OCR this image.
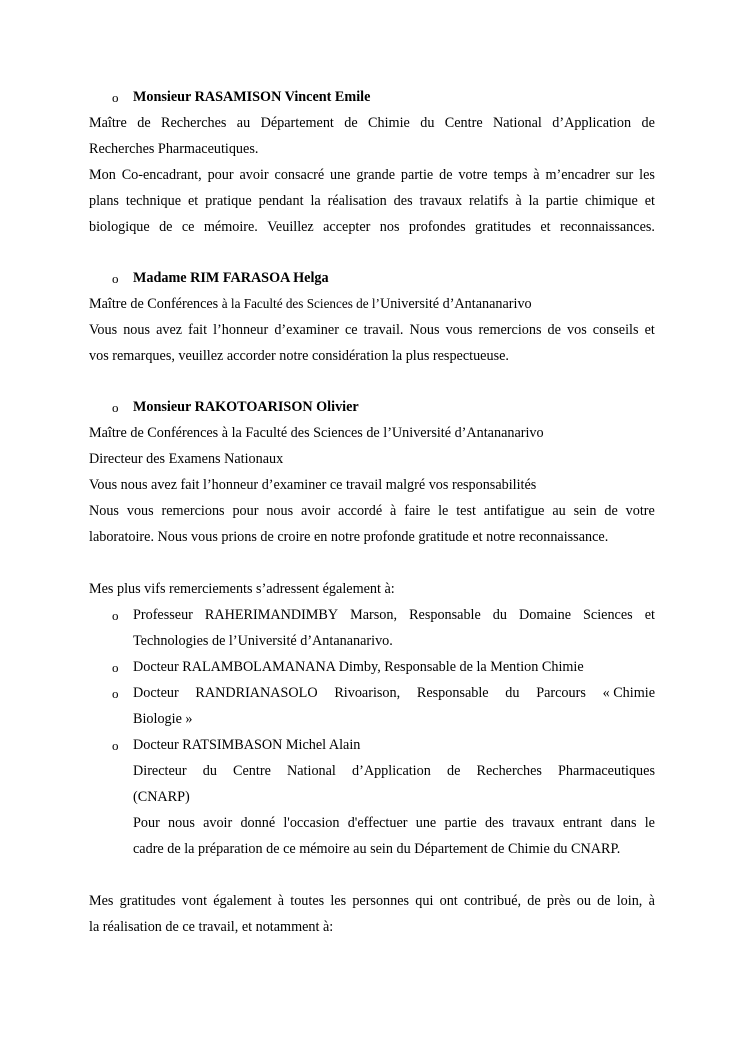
o Monsieur RASAMISON Vincent Emile
Maître de Recherches au Département de Chimie du Centre National d’Application de
Recherches Pharmaceutiques.
Mon Co-encadrant, pour avoir consacré une grande partie de votre temps à m’encadrer sur les
plans technique et pratique pendant la réalisation des travaux relatifs à la partie chimique et
biologique de ce mémoire. Veuillez accepter nos profondes gratitudes et reconnaissances.
o Madame RIM FARASOA Helga
Maître de Conférences à la Faculté des Sciences de l’Université d’Antananarivo
Vous nous avez fait l’honneur d’examiner ce travail. Nous vous remercions de vos conseils et
vos remarques, veuillez accorder notre considération la plus respectueuse.
o Monsieur RAKOTOARISON Olivier
Maître de Conférences à la Faculté des Sciences de l’Université d’Antananarivo
Directeur des Examens Nationaux
Vous nous avez fait l’honneur d’examiner ce travail malgré vos responsabilités
Nous vous remercions pour nous avoir accordé à faire le test antifatigue au sein de votre
laboratoire. Nous vous prions de croire en notre profonde gratitude et notre reconnaissance.
Mes plus vifs remerciements s’adressent également à:
o Professeur RAHERIMANDIMBY Marson, Responsable du Domaine Sciences et
Technologies de l’Université d’Antananarivo.
o Docteur RALAMBOLAMANANA Dimby, Responsable de la Mention Chimie
o Docteur RANDRIANASOLO Rivoarison, Responsable du Parcours « Chimie
Biologie »
o Docteur RATSIMBASON Michel Alain
Directeur du Centre National d’Application de Recherches Pharmaceutiques
(CNARP)
Pour nous avoir donné l'occasion d'effectuer une partie des travaux entrant dans le
cadre de la préparation de ce mémoire au sein du Département de Chimie du CNARP.
Mes gratitudes vont également à toutes les personnes qui ont contribué, de près ou de loin, à
la réalisation de ce travail, et notamment à:
